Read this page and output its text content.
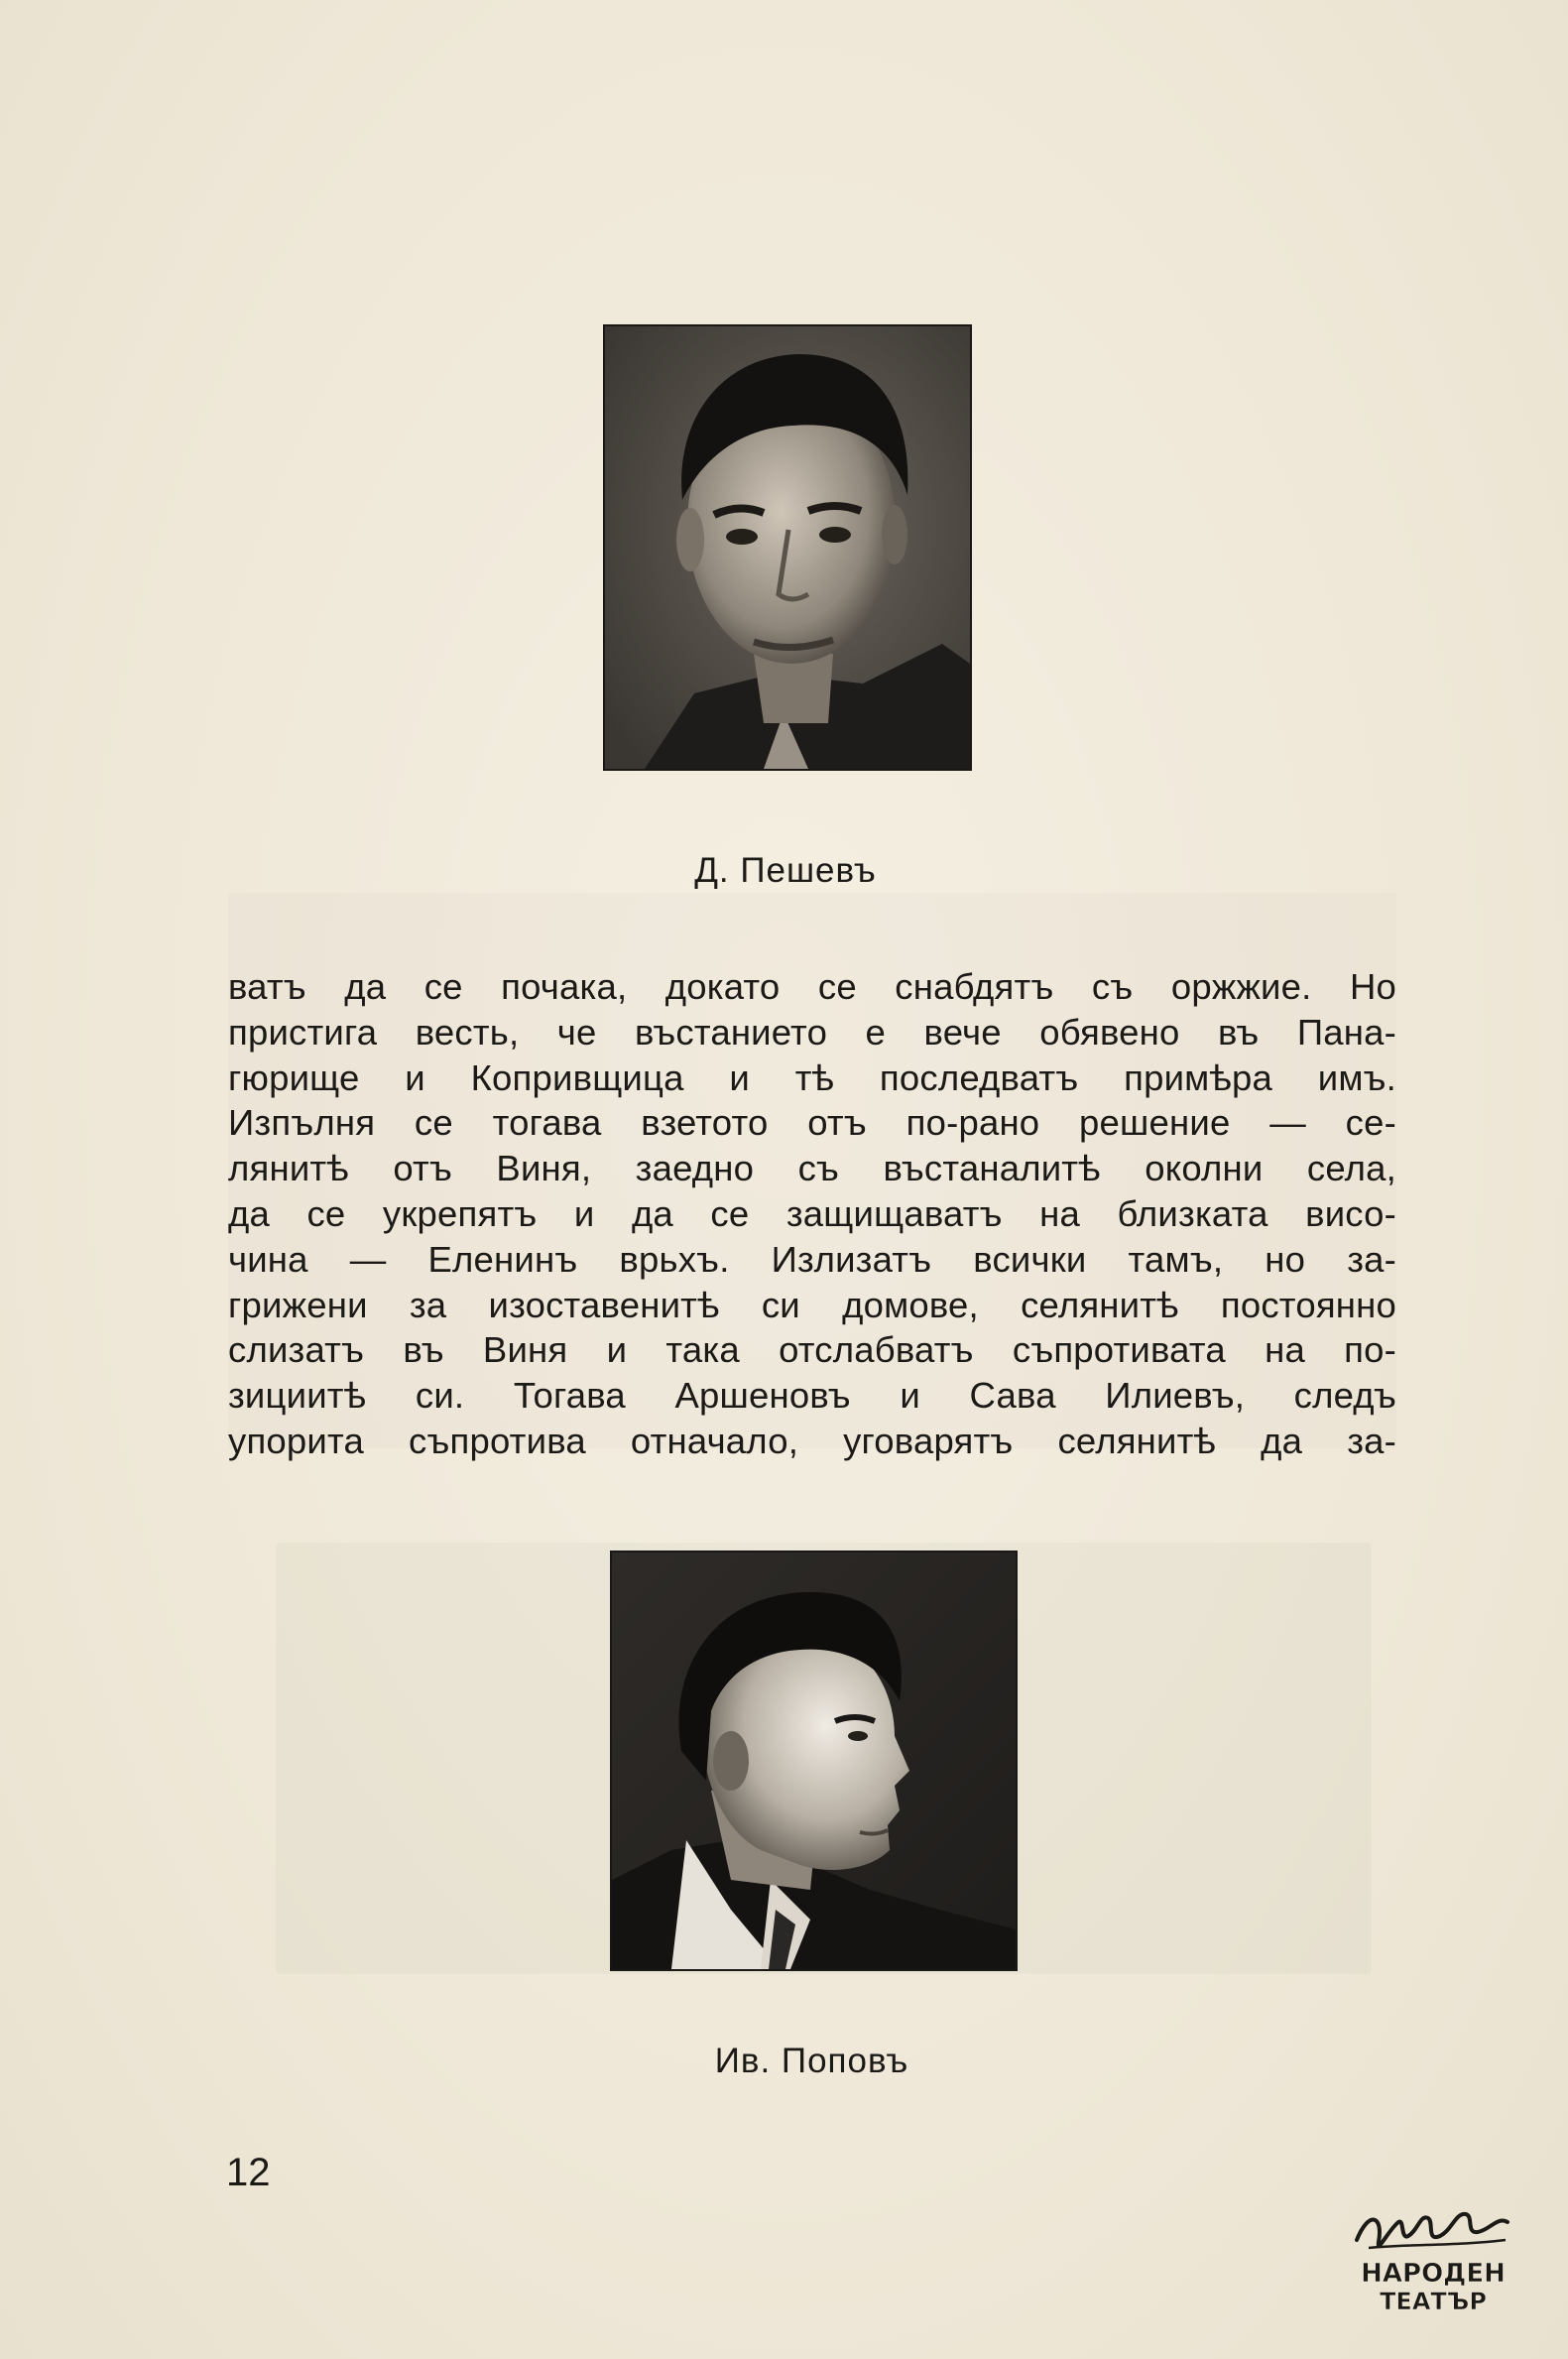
Д. Пешевъ
ватъ да се почака, докато се снабдятъ съ оржжие. Но
пристига весть, че въстанието е вече обявено въ Пана-
гюрище и Копривщица и тѣ последватъ примѣра имъ.
Изпълня се тогава взетото отъ по-рано решение — се-
лянитѣ отъ Виня, заедно съ въстаналитѣ околни села,
да се укрепятъ и да се защищаватъ на близката висо-
чина — Еленинъ врьхъ. Излизатъ всички тамъ, но за-
грижени за изоставенитѣ си домове, селянитѣ постоянно
слизатъ въ Виня и така отслабватъ съпротивата на по-
зициитѣ си. Тогава Аршеновъ и Сава Илиевъ, следъ
упорита съпротива отначало, уговарятъ селянитѣ да за-
Ив. Поповъ
12
НАРОДЕН
ТЕАТЪР
